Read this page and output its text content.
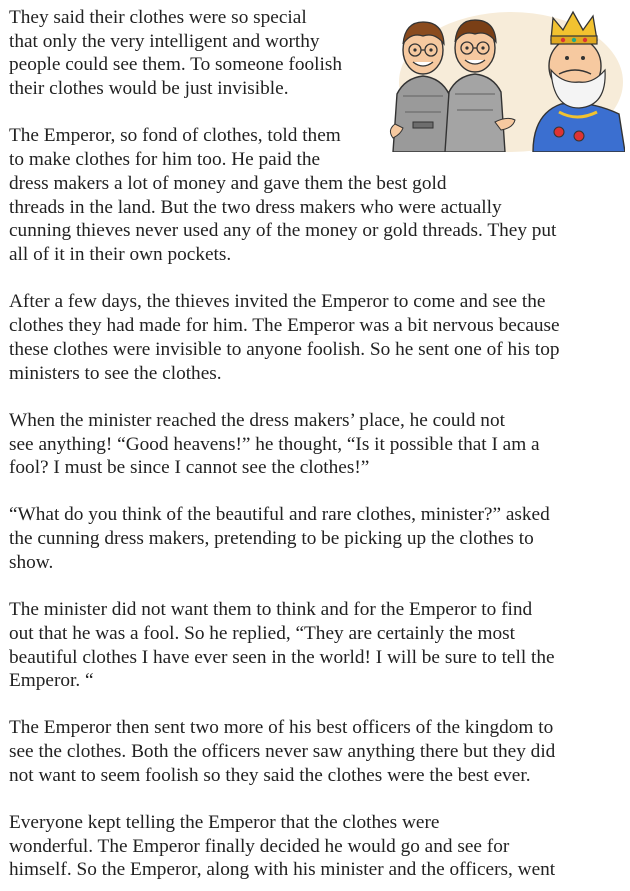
They said their clothes were so special
that only the very intelligent and worthy
people could see them. To someone foolish
their clothes would be just invisible.
The Emperor, so fond of clothes, told them
to make clothes for him too. He paid the
dress makers a lot of money and gave them the best gold
threads in the land. But the two dress makers who were actually
cunning thieves never used any of the money or gold threads. They put
all of it in their own pockets.
After a few days, the thieves invited the Emperor to come and see the
clothes they had made for him. The Emperor was a bit nervous because
these clothes were invisible to anyone foolish. So he sent one of his top
ministers to see the clothes.
When the minister reached the dress makers’ place, he could not
see anything! “Good heavens!” he thought, “Is it possible that I am a
fool? I must be since I cannot see the clothes!”
“What do you think of the beautiful and rare clothes, minister?” asked
the cunning dress makers, pretending to be picking up the clothes to
show.
The minister did not want them to think and for the Emperor to find
out that he was a fool. So he replied, “They are certainly the most
beautiful clothes I have ever seen in the world! I will be sure to tell the
Emperor. “
The Emperor then sent two more of his best officers of the kingdom to
see the clothes. Both the officers never saw anything there but they did
not want to seem foolish so they said the clothes were the best ever.
Everyone kept telling the Emperor that the clothes were
wonderful. The Emperor finally decided he would go and see for
himself. So the Emperor, along with his minister and the officers, went
